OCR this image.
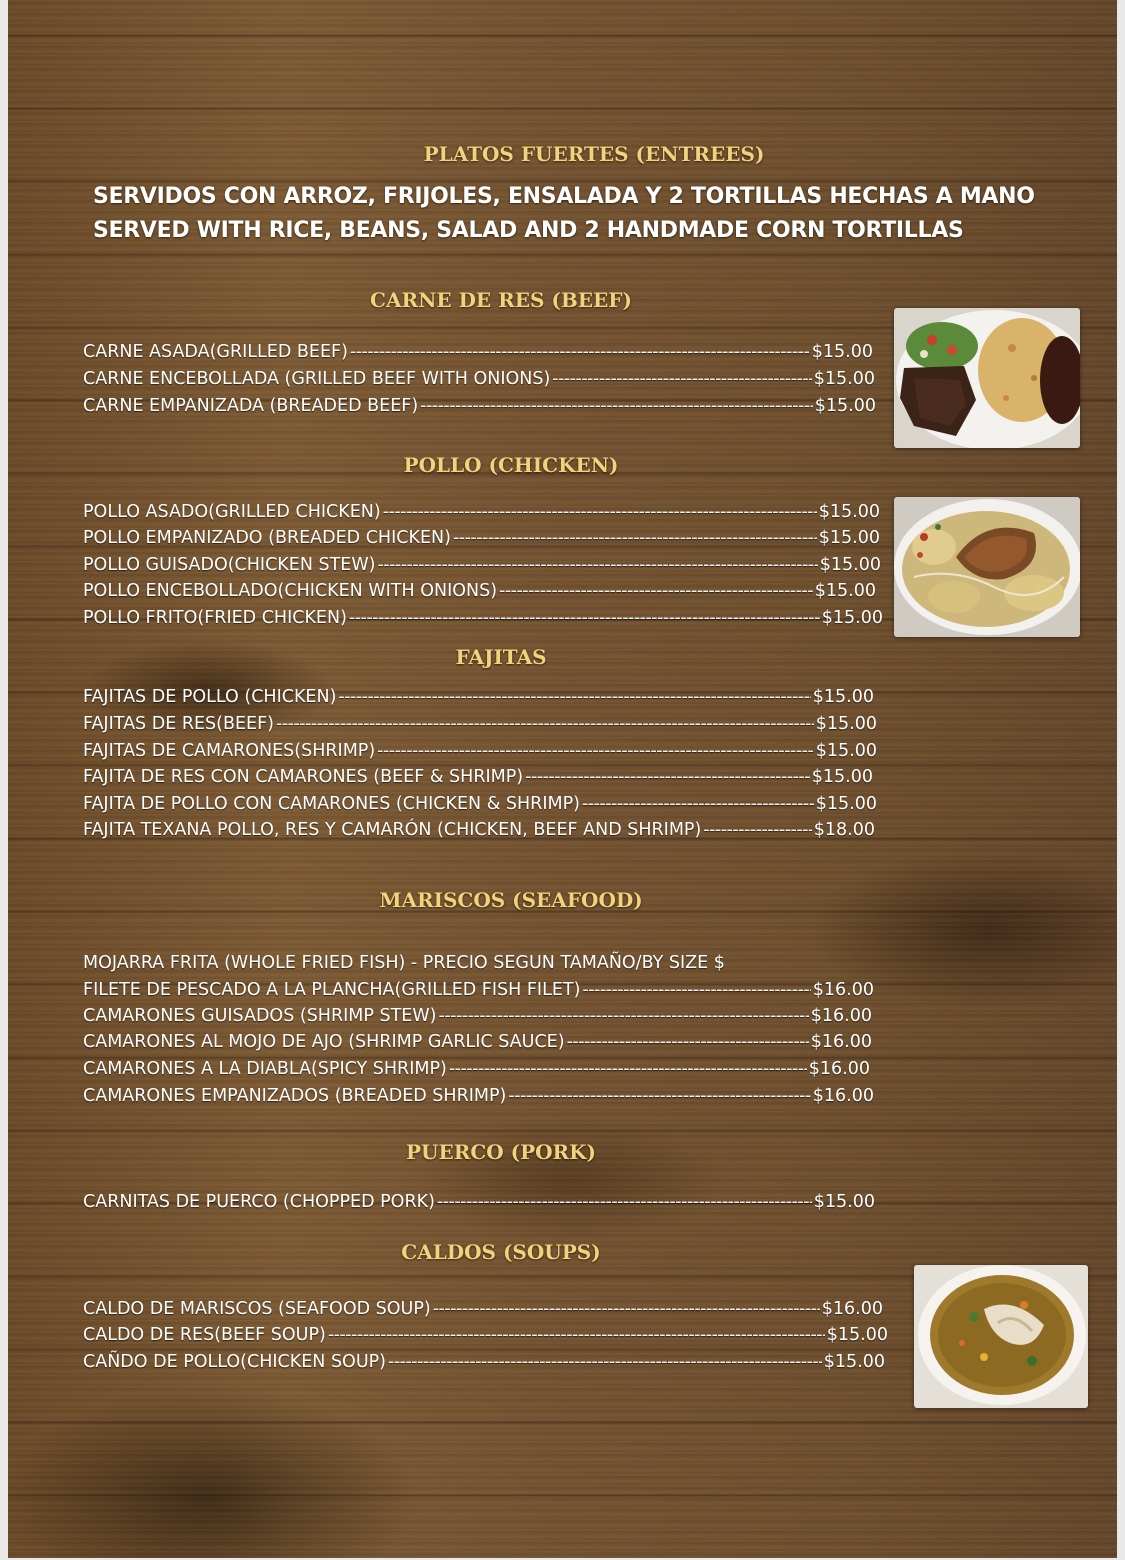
PLATOS FUERTES (ENTREES)
SERVIDOS CON ARROZ, FRIJOLES, ENSALADA Y 2 TORTILLAS HECHAS A MANO
SERVED WITH RICE, BEANS, SALAD AND 2 HANDMADE CORN TORTILLAS
CARNE DE RES (BEEF)
CARNE ASADA(GRILLED BEEF) -----	$15.00
CARNE ENCEBOLLADA (GRILLED BEEF WITH ONIONS) -----	$15.00
CARNE EMPANIZADA (BREADED BEEF) -----	$15.00
POLLO (CHICKEN)
POLLO ASADO(GRILLED CHICKEN) -----	$15.00
POLLO EMPANIZADO (BREADED CHICKEN) -----	$15.00
POLLO GUISADO(CHICKEN STEW) -----	$15.00
POLLO ENCEBOLLADO(CHICKEN WITH ONIONS) -----	$15.00
POLLO FRITO(FRIED CHICKEN) -----	$15.00
FAJITAS
FAJITAS DE POLLO (CHICKEN) -----	$15.00
FAJITAS DE RES(BEEF) -----	$15.00
FAJITAS DE CAMARONES(SHRIMP) -----	$15.00
FAJITA DE RES CON CAMARONES (BEEF & SHRIMP) -----	$15.00
FAJITA DE POLLO CON CAMARONES (CHICKEN & SHRIMP) -----	$15.00
FAJITA TEXANA POLLO, RES Y CAMARÓN (CHICKEN, BEEF AND SHRIMP) -----	$18.00
MARISCOS (SEAFOOD)
MOJARRA FRITA (WHOLE FRIED FISH) - PRECIO SEGUN TAMAÑO/BY SIZE $
FILETE DE PESCADO A LA PLANCHA(GRILLED FISH FILET) -----	$16.00
CAMARONES GUISADOS (SHRIMP STEW) -----	$16.00
CAMARONES AL MOJO DE AJO (SHRIMP GARLIC SAUCE) -----	$16.00
CAMARONES A LA DIABLA(SPICY SHRIMP) -----	$16.00
CAMARONES EMPANIZADOS (BREADED SHRIMP) -----	$16.00
PUERCO (PORK)
CARNITAS DE PUERCO (CHOPPED PORK) -----	$15.00
CALDOS (SOUPS)
CALDO DE MARISCOS (SEAFOOD SOUP) -----	$16.00
CALDO DE RES(BEEF SOUP) -----	$15.00
CAÑDO DE POLLO(CHICKEN SOUP) -----	$15.00
